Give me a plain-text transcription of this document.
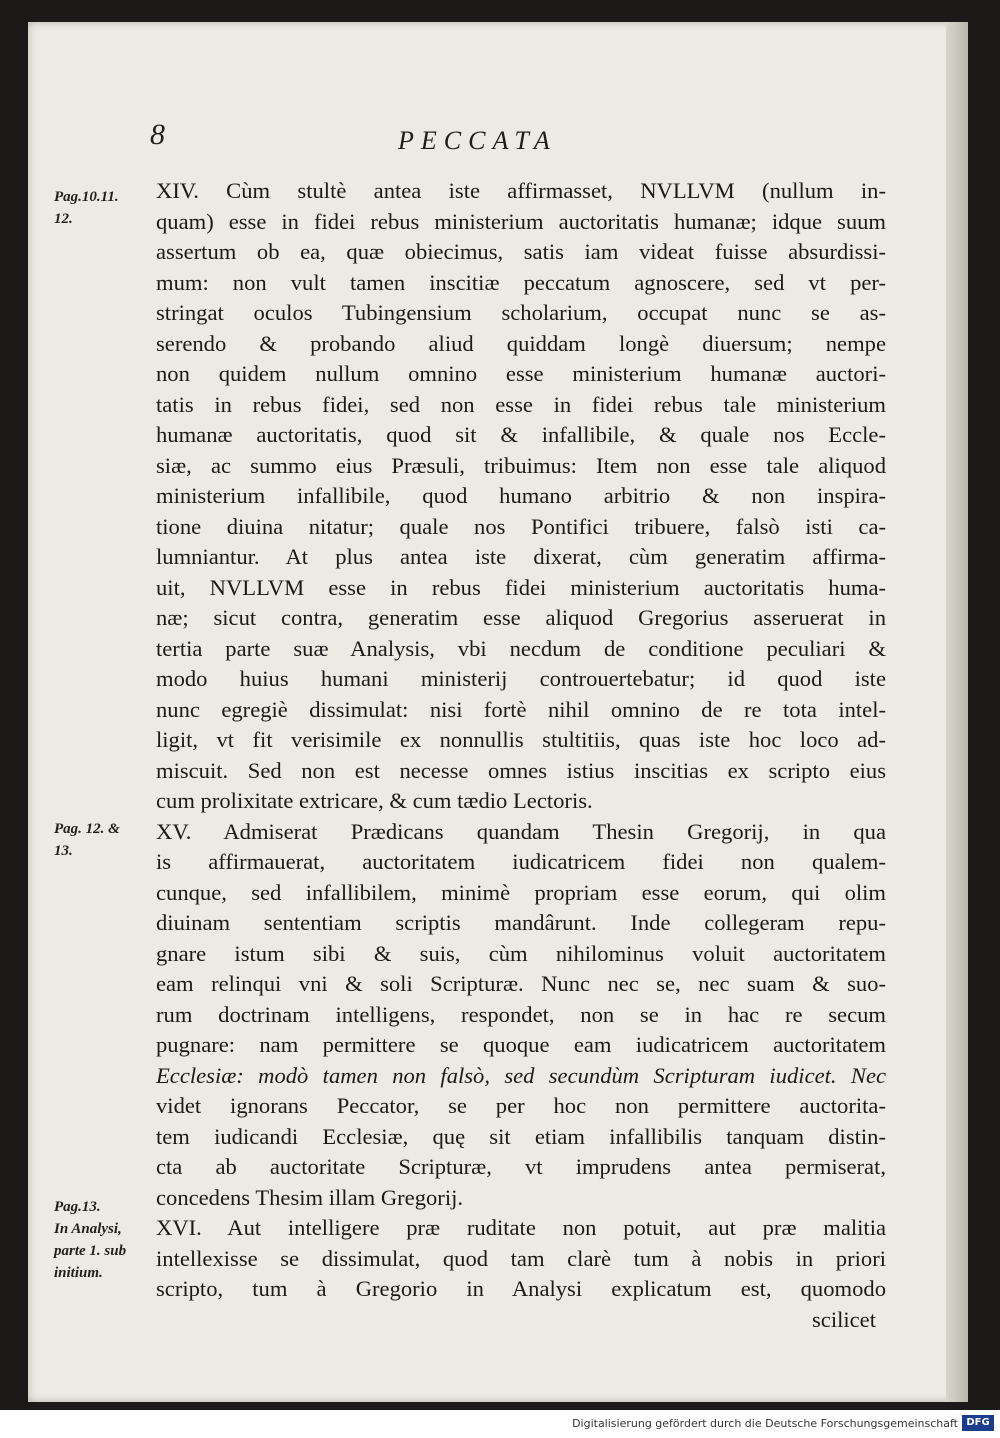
8	PECCATA
Pag.10.11.
12.
Pag. 12. &
13.
Pag.13.
In Analysi,
parte 1. sub
initium.
XIV. Cùm stultè antea iste affirmasset, NVLLVM (nullum in-
quam) esse in fidei rebus ministerium auctoritatis humanæ; idque suum
assertum ob ea, quæ obiecimus, satis iam videat fuisse absurdissi-
mum: non vult tamen inscitiæ peccatum agnoscere, sed vt per-
stringat oculos Tubingensium scholarium, occupat nunc se as-
serendo & probando aliud quiddam longè diuersum; nempe
non quidem nullum omnino esse ministerium humanæ auctori-
tatis in rebus fidei, sed non esse in fidei rebus tale ministerium
humanæ auctoritatis, quod sit & infallibile, & quale nos Eccle-
siæ, ac summo eius Præsuli, tribuimus: Item non esse tale aliquod
ministerium infallibile, quod humano arbitrio & non inspira-
tione diuina nitatur; quale nos Pontifici tribuere, falsò isti ca-
lumniantur. At plus antea iste dixerat, cùm generatim affirma-
uit, NVLLVM esse in rebus fidei ministerium auctoritatis huma-
næ; sicut contra, generatim esse aliquod Gregorius asseruerat in
tertia parte suæ Analysis, vbi necdum de conditione peculiari &
modo huius humani ministerij controuertebatur; id quod iste
nunc egregiè dissimulat: nisi fortè nihil omnino de re tota intel-
ligit, vt fit verisimile ex nonnullis stultitiis, quas iste hoc loco ad-
miscuit. Sed non est necesse omnes istius inscitias ex scripto eius
cum prolixitate extricare, & cum tædio Lectoris.
XV. Admiserat Prædicans quandam Thesin Gregorij, in qua
is affirmauerat, auctoritatem iudicatricem fidei non qualem-
cunque, sed infallibilem, minimè propriam esse eorum, qui olim
diuinam sententiam scriptis mandârunt. Inde collegeram repu-
gnare istum sibi & suis, cùm nihilominus voluit auctoritatem
eam relinqui vni & soli Scripturæ. Nunc nec se, nec suam & suo-
rum doctrinam intelligens, respondet, non se in hac re secum
pugnare: nam permittere se quoque eam iudicatricem auctoritatem
Ecclesiæ: modò tamen non falsò, sed secundùm Scripturam iudicet. Nec
videt ignorans Peccator, se per hoc non permittere auctorita-
tem iudicandi Ecclesiæ, quę sit etiam infallibilis tanquam distin-
cta ab auctoritate Scripturæ, vt imprudens antea permiserat,
concedens Thesim illam Gregorij.
XVI. Aut intelligere præ ruditate non potuit, aut præ malitia
intellexisse se dissimulat, quod tam clarè tum à nobis in priori
scripto, tum à Gregorio in Analysi explicatum est, quomodo
scilicet
Digitalisierung gefördert durch die Deutsche Forschungsgemeinschaft DFG
